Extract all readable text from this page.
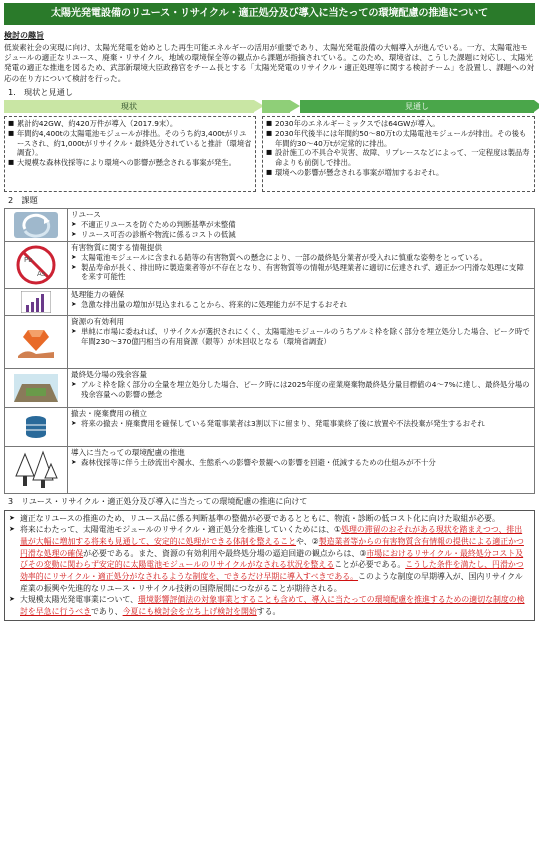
太陽光発電設備のリユース・リサイクル・適正処分及び導入に当たっての環境配慮の推進について
検討の趣旨
低炭素社会の実現に向け、太陽光発電を始めとした再生可能エネルギーの活用が重要であり、太陽光発電設備の大幅導入が進んでいる。一方、太陽電池モジュールの適正なリユース、廃棄・リサイクル、地域の環境保全等の観点から課題が指摘されている。このため、環境省は、こうした課題に対応し、太陽光発電の適正な推進を図るため、武部新環境大臣政務官をチーム長とする「太陽光発電のリサイクル・適正処理等に関する検討チーム」を設置し、課題への対応の在り方について検討を行った。
1.　現状と見通し
現状	見通し
■ 累計約42GW、約420万件が導入（2017.9末）。
■ 年間約4,400tの太陽電池モジュールが排出。そのうち約3,400tがリユースされ、約1,000tがリサイクル・最終処分されていると推計（環境省調査）。
■ 大規模な森林伐採等により環境への影響が懸念される事案が発生。
■ 2030年のエネルギーミックスでは64GWが導入。
■ 2030年代後半には年間約50～80万tの太陽電池モジュールが排出。その後も年間約30～40万tが定常的に排出。
■ 設計施工の不具合や災害、故障、リプレースなどによって、一定程度は製品寿命よりも前倒しで排出。
■ 環境への影響が懸念される事案が増加するおそれ。
2　課題
リユース
➤ 不適正リユースを防ぐための判断基準が未整備
➤ リユース可否の診断や物流に係るコストの低減
Pb
As
有害物質に関する情報提供
➤ 太陽電池モジュールに含まれる鉛等の有害物質への懸念により、一部の最終処分業者が受入れに慎重な姿勢をとっている。
➤ 製品寿命が長く、排出時に製造業者等が不存在となり、有害物質等の情報が処理業者に適切に伝達されず、適正かつ円滑な処理に支障を来す可能性
処理能力の確保
➤ 急激な排出量の増加が見込まれることから、将来的に処理能力が不足するおそれ
資源の有効利用
➤ 単純に市場に委ねれば、リサイクルが選択されにくく、太陽電池モジュールのうちアルミ枠を除く部分を埋立処分した場合、ピーク時で年間230～370億円相当の有用資源（銀等）が未回収となる（環境省調査）
最終処分場の残余容量
➤ アルミ枠を除く部分の全量を埋立処分した場合、ピーク時には2025年度の産業廃棄物最終処分量目標値の4～7%に達し、最終処分場の残余容量への影響の懸念
撤去・廃棄費用の積立
➤ 将来の撤去・廃棄費用を確保している発電事業者は3割以下に留まり、発電事業終了後に放置や不法投棄が発生するおそれ
導入に当たっての環境配慮の推進
➤ 森林伐採等に伴う土砂流出や濁水、生態系への影響や景観への影響を回避・低減するための仕組みが不十分
3　リユース・リサイクル・適正処分及び導入に当たっての環境配慮の推進に向けて
➤ 適正なリユースの推進のため、リユース品に係る判断基準の整備が必要であるとともに、物流・診断の低コスト化に向けた取組が必要。
➤ 将来にわたって、太陽電池モジュールのリサイクル・適正処分を推進していくためには、①処理の滞留のおそれがある現状を踏まえつつ、排出量が大幅に増加する将来も見通して、安定的に処理ができる体制を整えることや、②製造業者等からの有害物質含有情報の提供による適正かつ円滑な処理の確保が必要である。また、資源の有効利用や最終処分場の逼迫回避の観点からは、③市場におけるリサイクル・最終処分コスト及びその変動に関わらず安定的に太陽電池モジュールのリサイクルがなされる状況を整えることが必要である。こうした条件を満たし、円滑かつ効率的にリサイクル・適正処分がなされるような制度を、できるだけ早期に導入すべきである。このような制度の早期導入が、国内リサイクル産業の振興や先進的なリユース・リサイクル技術の国際展開につながることが期待される。
➤ 大規模太陽光発電事業について、環境影響評価法の対象事業とすることも含めて、導入に当たっての環境配慮を推進するための適切な制度の検討を早急に行うべきであり、今夏にも検討会を立ち上げ検討を開始する。
